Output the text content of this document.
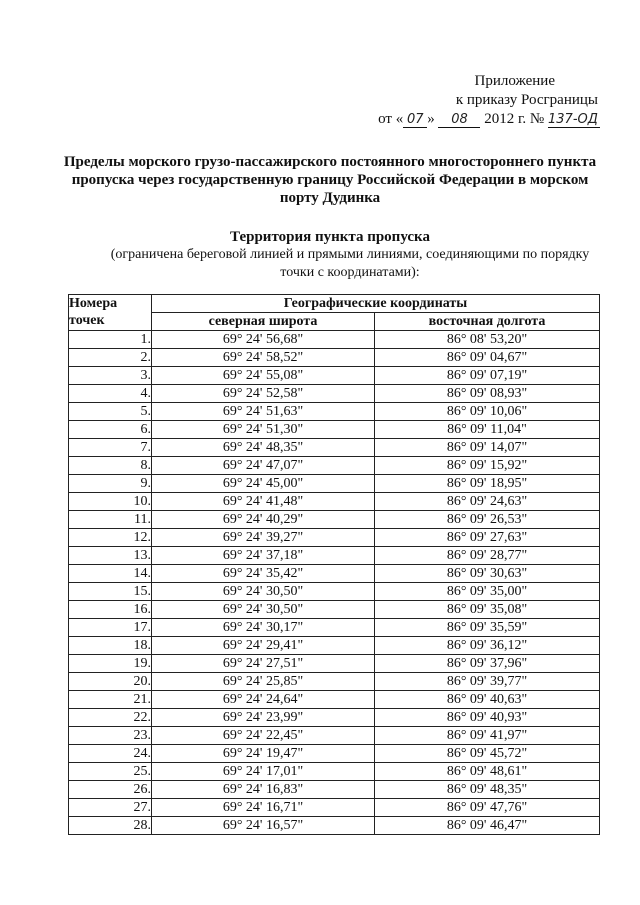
Приложение
к приказу Росграницы
от « 07 » 08 2012 г. № 137-ОД
Пределы морского грузо-пассажирского постоянного многостороннего пункта пропуска через государственную границу Российской Федерации в морском порту Дудинка
Территория пункта пропуска
(ограничена береговой линией и прямыми линиями, соединяющими по порядку точки с координатами):
Номера точек	Географические координаты	
	северная широта	восточная долгота
1.	69° 24' 56,68"	86° 08' 53,20"
2.	69° 24' 58,52"	86° 09' 04,67"
3.	69° 24' 55,08"	86° 09' 07,19"
4.	69° 24' 52,58"	86° 09' 08,93"
5.	69° 24' 51,63"	86° 09' 10,06"
6.	69° 24' 51,30"	86° 09' 11,04"
7.	69° 24' 48,35"	86° 09' 14,07"
8.	69° 24' 47,07"	86° 09' 15,92"
9.	69° 24' 45,00"	86° 09' 18,95"
10.	69° 24' 41,48"	86° 09' 24,63"
11.	69° 24' 40,29"	86° 09' 26,53"
12.	69° 24' 39,27"	86° 09' 27,63"
13.	69° 24' 37,18"	86° 09' 28,77"
14.	69° 24' 35,42"	86° 09' 30,63"
15.	69° 24' 30,50"	86° 09' 35,00"
16.	69° 24' 30,50"	86° 09' 35,08"
17.	69° 24' 30,17"	86° 09' 35,59"
18.	69° 24' 29,41"	86° 09' 36,12"
19.	69° 24' 27,51"	86° 09' 37,96"
20.	69° 24' 25,85"	86° 09' 39,77"
21.	69° 24' 24,64"	86° 09' 40,63"
22.	69° 24' 23,99"	86° 09' 40,93"
23.	69° 24' 22,45"	86° 09' 41,97"
24.	69° 24' 19,47"	86° 09' 45,72"
25.	69° 24' 17,01"	86° 09' 48,61"
26.	69° 24' 16,83"	86° 09' 48,35"
27.	69° 24' 16,71"	86° 09' 47,76"
28.	69° 24' 16,57"	86° 09' 46,47"
